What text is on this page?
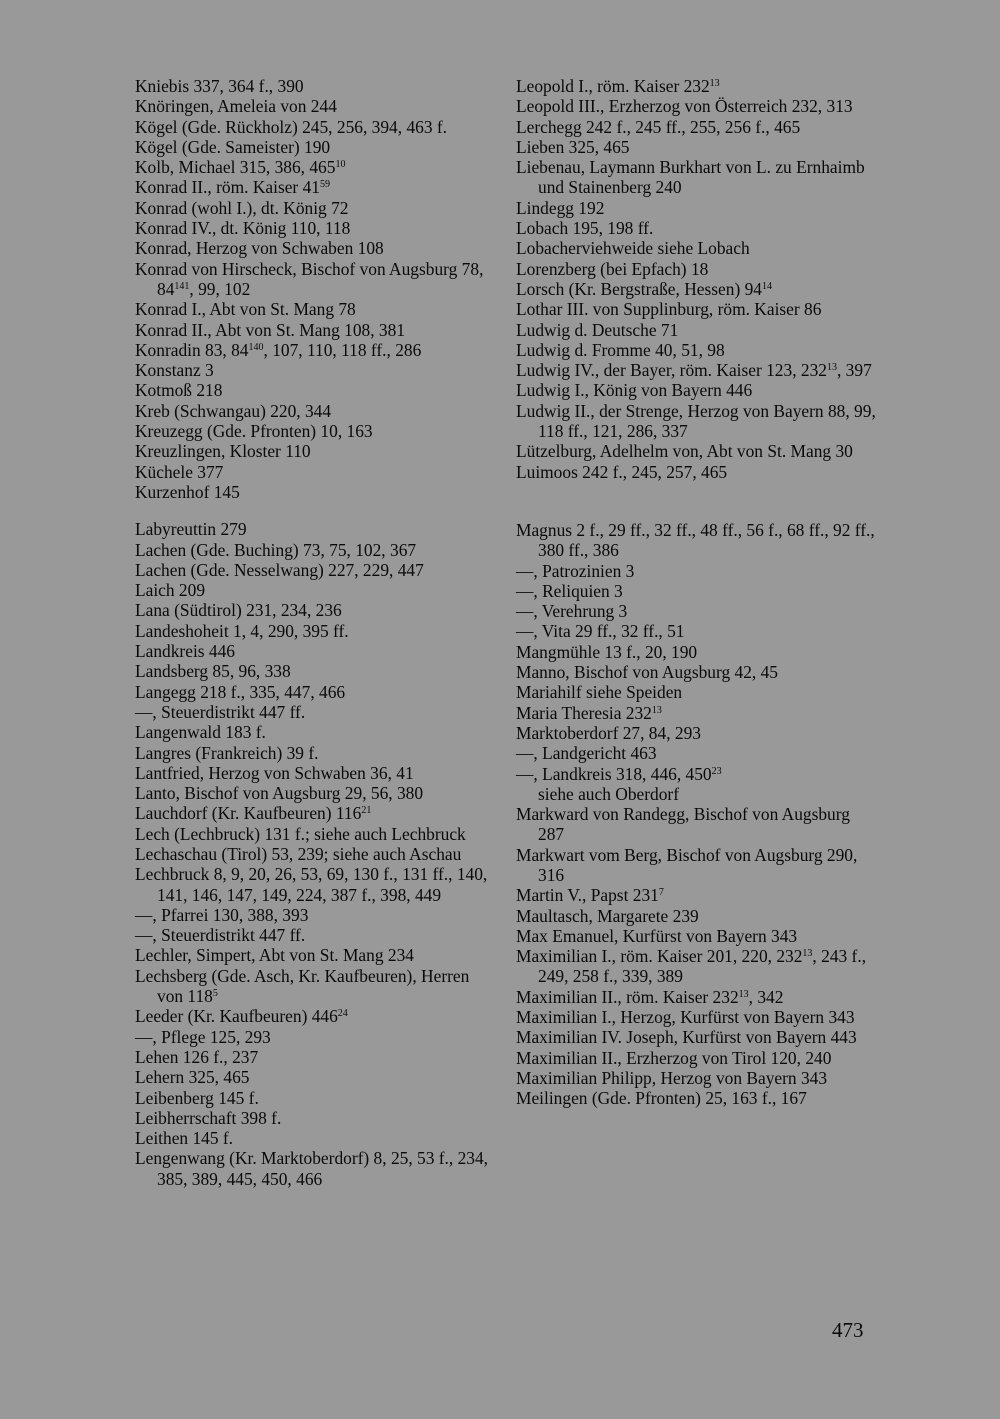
Kniebis 337, 364 f., 390
Knöringen, Ameleia von 244
Kögel (Gde. Rückholz) 245, 256, 394, 463 f.
Kögel (Gde. Sameister) 190
Kolb, Michael 315, 386, $465^{10}$
Konrad II., röm. Kaiser $41^{59}$
Konrad (wohl I.), dt. König 72
Konrad IV., dt. König 110, 118
Konrad, Herzog von Schwaben 108
Konrad von Hirscheck, Bischof von Augsburg 78, $84^{141}$, 99, 102
Konrad I., Abt von St. Mang 78
Konrad II., Abt von St. Mang 108, 381
Konradin 83, $84^{140}$, 107, 110, 118 ff., 286
Konstanz 3
Kotmoß 218
Kreb (Schwangau) 220, 344
Kreuzegg (Gde. Pfronten) 10, 163
Kreuzlingen, Kloster 110
Küchele 377
Kurzenhof 145
Labyreuttin 279
Lachen (Gde. Buching) 73, 75, 102, 367
Lachen (Gde. Nesselwang) 227, 229, 447
Laich 209
Lana (Südtirol) 231, 234, 236
Landeshoheit 1, 4, 290, 395 ff.
Landkreis 446
Landsberg 85, 96, 338
Langegg 218 f., 335, 447, 466
—, Steuerdistrikt 447 ff.
Langenwald 183 f.
Langres (Frankreich) 39 f.
Lantfried, Herzog von Schwaben 36, 41
Lanto, Bischof von Augsburg 29, 56, 380
Lauchdorf (Kr. Kaufbeuren) $116^{21}$
Lech (Lechbruck) 131 f.; siehe auch Lechbruck
Lechaschau (Tirol) 53, 239; siehe auch Aschau
Lechbruck 8, 9, 20, 26, 53, 69, 130 f., 131 ff., 140, 141, 146, 147, 149, 224, 387 f., 398, 449
—, Pfarrei 130, 388, 393
—, Steuerdistrikt 447 ff.
Lechler, Simpert, Abt von St. Mang 234
Lechsberg (Gde. Asch, Kr. Kaufbeuren), Herren von $118^5$
Leeder (Kr. Kaufbeuren) $446^{24}$
—, Pflege 125, 293
Lehen 126 f., 237
Lehern 325, 465
Leibenberg 145 f.
Leibherrschaft 398 f.
Leithen 145 f.
Lengenwang (Kr. Marktoberdorf) 8, 25, 53 f., 234, 385, 389, 445, 450, 466
Leopold I., röm. Kaiser $232^{13}$
Leopold III., Erzherzog von Österreich 232, 313
Lerchegg 242 f., 245 ff., 255, 256 f., 465
Lieben 325, 465
Liebenau, Laymann Burkhart von L. zu Ernhaimb und Stainenberg 240
Lindegg 192
Lobach 195, 198 ff.
Lobacherviehweide siehe Lobach
Lorenzberg (bei Epfach) 18
Lorsch (Kr. Bergstraße, Hessen) $94^{14}$
Lothar III. von Supplinburg, röm. Kaiser 86
Ludwig d. Deutsche 71
Ludwig d. Fromme 40, 51, 98
Ludwig IV., der Bayer, röm. Kaiser 123, $232^{13}$, 397
Ludwig I., König von Bayern 446
Ludwig II., der Strenge, Herzog von Bayern 88, 99, 118 ff., 121, 286, 337
Lützelburg, Adelhelm von, Abt von St. Mang 30
Luimoos 242 f., 245, 257, 465
Magnus 2 f., 29 ff., 32 ff., 48 ff., 56 f., 68 ff., 92 ff., 380 ff., 386
—, Patrozinien 3
—, Reliquien 3
—, Verehrung 3
—, Vita 29 ff., 32 ff., 51
Mangmühle 13 f., 20, 190
Manno, Bischof von Augsburg 42, 45
Mariahilf siehe Speiden
Maria Theresia $232^{13}$
Marktoberdorf 27, 84, 293
—, Landgericht 463
—, Landkreis 318, 446, $450^{23}$
siehe auch Oberdorf
Markward von Randegg, Bischof von Augsburg 287
Markwart vom Berg, Bischof von Augsburg 290, 316
Martin V., Papst $231^7$
Maultasch, Margarete 239
Max Emanuel, Kurfürst von Bayern 343
Maximilian I., röm. Kaiser 201, 220, $232^{13}$, 243 f., 249, 258 f., 339, 389
Maximilian II., röm. Kaiser $232^{13}$, 342
Maximilian I., Herzog, Kurfürst von Bayern 343
Maximilian IV. Joseph, Kurfürst von Bayern 443
Maximilian II., Erzherzog von Tirol 120, 240
Maximilian Philipp, Herzog von Bayern 343
Meilingen (Gde. Pfronten) 25, 163 f., 167
473
